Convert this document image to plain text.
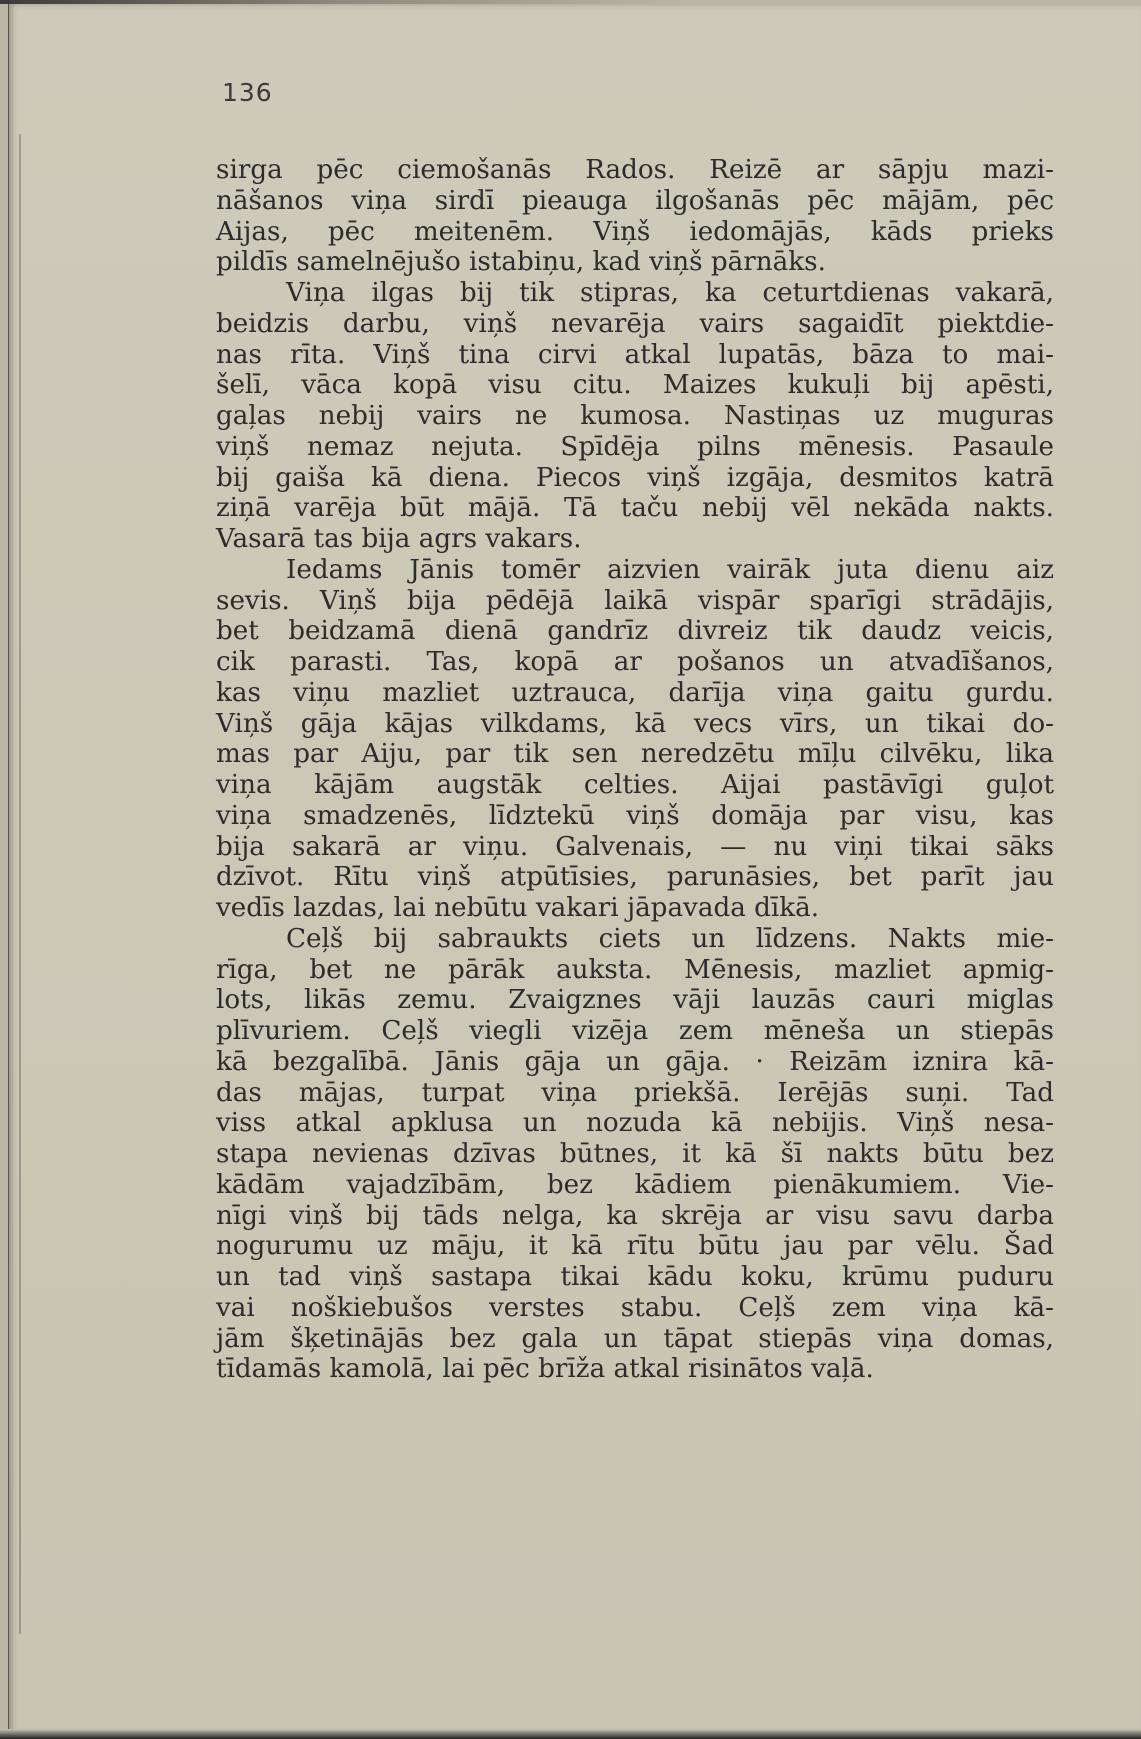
136

sirga pēc ciemošanās Rados. Reizē ar sāpju mazi-

nāšanos viņa sirdī pieauga ilgošanās pēc mājām, pēc

Aijas, pēc meitenēm. Viņš iedomājās, kāds prieks

pildīs samelnējušo istabiņu, kad viņš pārnāks.

Viņa ilgas bij tik stipras, ka ceturtdienas vakarā,

beidzis darbu, viņš nevarēja vairs sagaidīt piektdie-

nas rīta. Viņš tina cirvi atkal lupatās, bāza to mai-

šelī, vāca kopā visu citu. Maizes kukuļi bij apēsti,

gaļas nebij vairs ne kumosa. Nastiņas uz muguras

viņš nemaz nejuta. Spīdēja pilns mēnesis. Pasaule

bij gaiša kā diena. Piecos viņš izgāja, desmitos katrā

ziņā varēja būt mājā. Tā taču nebij vēl nekāda nakts.

Vasarā tas bija agrs vakars.

Iedams Jānis tomēr aizvien vairāk juta dienu aiz

sevis. Viņš bija pēdējā laikā vispār sparīgi strādājis,

bet beidzamā dienā gandrīz divreiz tik daudz veicis,

cik parasti. Tas, kopā ar pošanos un atvadīšanos,

kas viņu mazliet uztrauca, darīja viņa gaitu gurdu.

Viņš gāja kājas vilkdams, kā vecs vīrs, un tikai do-

mas par Aiju, par tik sen neredzētu mīļu cilvēku, lika

viņa kājām augstāk celties. Aijai pastāvīgi guļot

viņa smadzenēs, līdztekū viņš domāja par visu, kas

bija sakarā ar viņu. Galvenais, — nu viņi tikai sāks

dzīvot. Rītu viņš atpūtīsies, parunāsies, bet parīt jau

vedīs lazdas, lai nebūtu vakari jāpavada dīkā.

Ceļš bij sabraukts ciets un līdzens. Nakts mie-

rīga, bet ne pārāk auksta. Mēnesis, mazliet apmig-

lots, likās zemu. Zvaigznes vāji lauzās cauri miglas

plīvuriem. Ceļš viegli vizēja zem mēneša un stiepās

kā bezgalībā. Jānis gāja un gāja. · Reizām iznira kā-

das mājas, turpat viņa priekšā. Ierējās suņi. Tad

viss atkal apklusa un nozuda kā nebijis. Viņš nesa-

stapa nevienas dzīvas būtnes, it kā šī nakts būtu bez

kādām vajadzībām, bez kādiem pienākumiem. Vie-

nīgi viņš bij tāds nelga, ka skrēja ar visu savu darba

nogurumu uz māju, it kā rītu būtu jau par vēlu. Šad

un tad viņš sastapa tikai kādu koku, krūmu puduru

vai noškiebušos verstes stabu. Ceļš zem viņa kā-

jām šķetinājās bez gala un tāpat stiepās viņa domas,

tīdamās kamolā, lai pēc brīža atkal risinātos vaļā.
